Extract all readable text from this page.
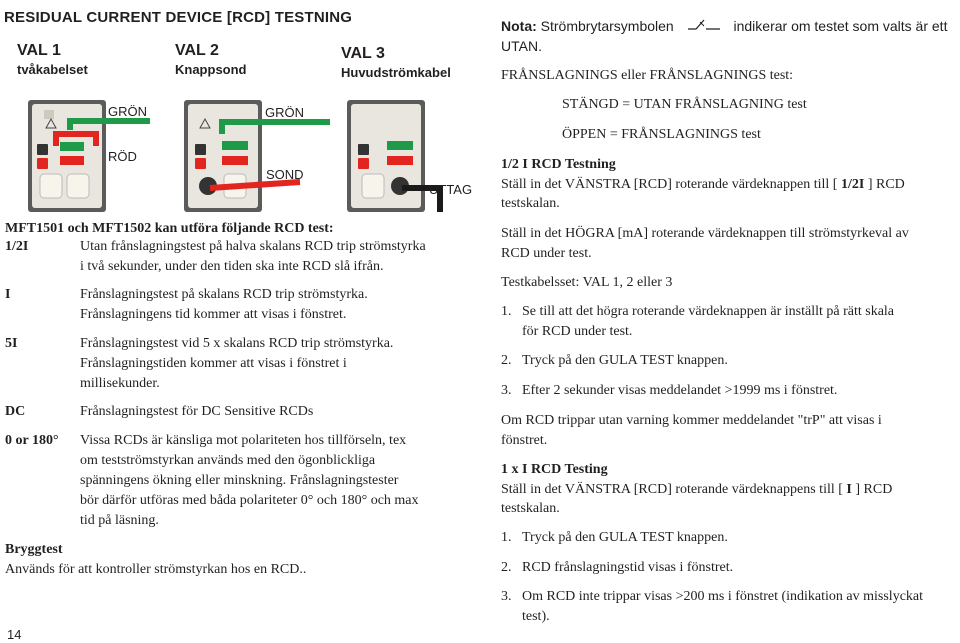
RESIDUAL CURRENT DEVICE [RCD] TESTNING
VAL 1
tvåkabelset
VAL 2
Knappsond
VAL 3
Huvudströmkabel
GRÖN
RÖD
GRÖN
SOND
UTTAG
MFT1501 och MFT1502 kan utföra följande RCD test:
1/2I	Utan frånslagningstest på halva skalans RCD trip strömstyrka
i två sekunder, under den tiden ska inte RCD slå ifrån.
I	Frånslagningstest på skalans RCD trip strömstyrka.
Frånslagningens tid kommer att visas i fönstret.
5I	Frånslagningstest vid 5 x skalans RCD trip strömstyrka.
Frånslagningstiden kommer att visas i fönstret i
millisekunder.
DC	Frånslagningstest för DC Sensitive RCDs
0 or 180° Vissa RCDs är känsliga mot polariteten hos tillförseln, tex
om testströmstyrkan används med den ögonblickliga
spänningens ökning eller minskning. Frånslagningstester
bör därför utföras med båda polariteter 0° och 180° och max
tid på läsning.
Bryggtest
Används för att kontroller strömstyrkan hos en RCD..
14
Nota: Strömbrytarsymbolen	indikerar om testet som valts är ett
UTAN.
FRÅNSLAGNINGS eller FRÅNSLAGNINGS test:
STÄNGD = UTAN FRÅNSLAGNING test
ÖPPEN = FRÅNSLAGNINGS test
1/2 I RCD Testning
Ställ in det VÄNSTRA [RCD] roterande värdeknappen till [ 1/2I ] RCD
testskalan.
Ställ in det HÖGRA [mA] roterande värdeknappen till strömstyrkeval av
RCD under test.
Testkabelsset: VAL 1, 2 eller 3
1. Se till att det högra roterande värdeknappen är inställt på rätt skala
för RCD under test.
2. Tryck på den GULA TEST knappen.
3. Efter 2 sekunder visas meddelandet >1999 ms i fönstret.
Om RCD trippar utan varning kommer meddelandet "trP" att visas i
fönstret.
1 x I RCD Testing
Ställ in det VÄNSTRA [RCD] roterande värdeknappens till [ I ] RCD
testskalan.
1. Tryck på den GULA TEST knappen.
2. RCD frånslagningstid visas i fönstret.
3. Om RCD inte trippar visas >200 ms i fönstret (indikation av misslyckat
test).
